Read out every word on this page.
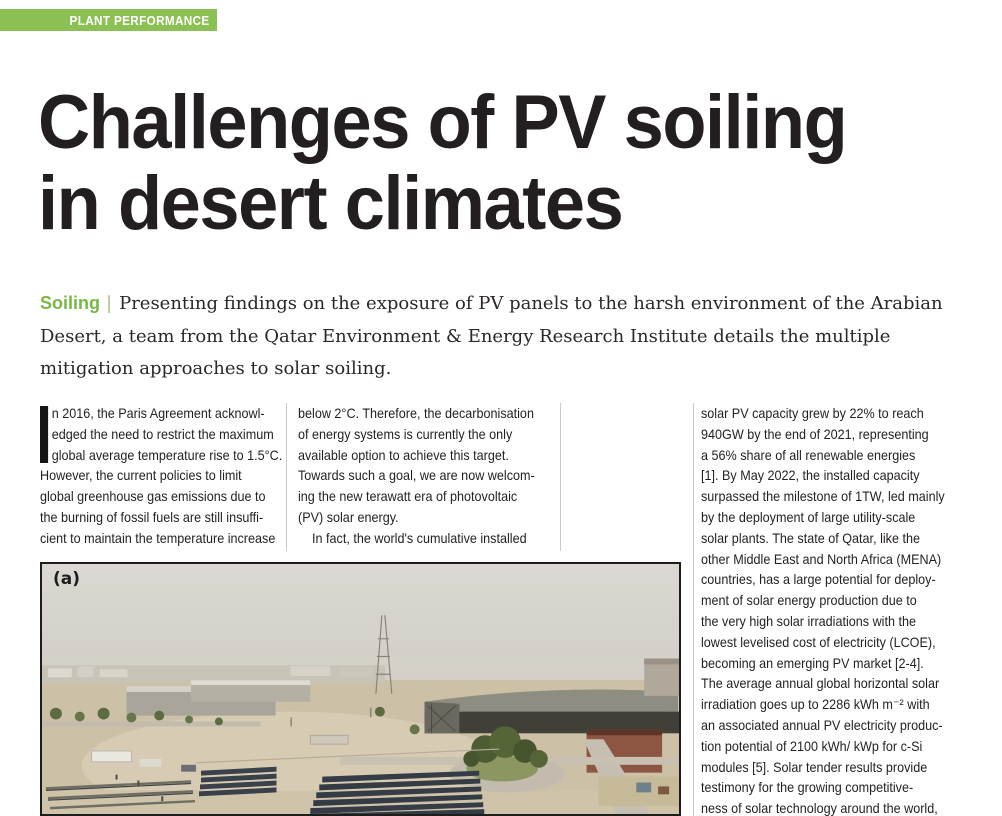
PLANT PERFORMANCE
Challenges of PV soiling
in desert climates
Soiling | Presenting findings on the exposure of PV panels to the harsh environment of the Arabian
Desert, a team from the Qatar Environment & Energy Research Institute details the multiple
mitigation approaches to solar soiling.
n 2016, the Paris Agreement acknowl-
edged the need to restrict the maximum
global average temperature rise to 1.5°C.
However, the current policies to limit
global greenhouse gas emissions due to
the burning of fossil fuels are still insuffi-
cient to maintain the temperature increase
below 2°C. Therefore, the decarbonisation
of energy systems is currently the only
available option to achieve this target.
Towards such a goal, we are now welcom-
ing the new terawatt era of photovoltaic
(PV) solar energy.
In fact, the world's cumulative installed
solar PV capacity grew by 22% to reach
940GW by the end of 2021, representing
a 56% share of all renewable energies
[1]. By May 2022, the installed capacity
surpassed the milestone of 1TW, led mainly
by the deployment of large utility-scale
solar plants. The state of Qatar, like the
other Middle East and North Africa (MENA)
countries, has a large potential for deploy-
ment of solar energy production due to
the very high solar irradiations with the
lowest levelised cost of electricity (LCOE),
becoming an emerging PV market [2-4].
The average annual global horizontal solar
irradiation goes up to 2286 kWh m⁻² with
an associated annual PV electricity produc-
tion potential of 2100 kWh/ kWp for c-Si
modules [5]. Solar tender results provide
testimony for the growing competitive-
ness of solar technology around the world,
(a)
